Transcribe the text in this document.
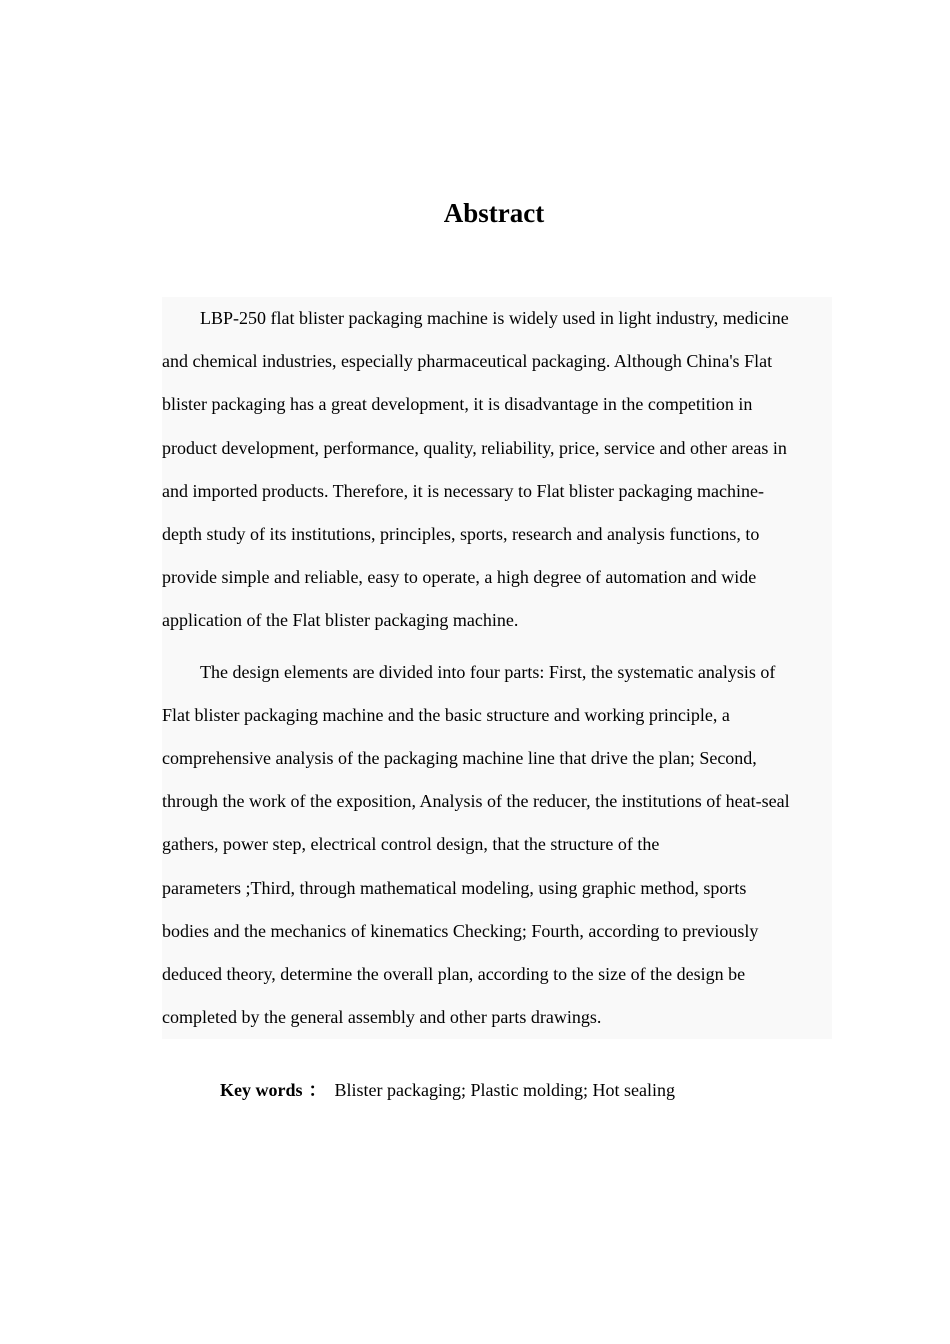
Abstract

LBP-250 flat blister packaging machine is widely used in light industry, medicine
and chemical industries, especially pharmaceutical packaging. Although China's Flat
blister packaging has a great development, it is disadvantage in the competition in
product development, performance, quality, reliability, price, service and other areas in
and imported products. Therefore, it is necessary to Flat blister packaging machine-
depth study of its institutions, principles, sports, research and analysis functions, to
provide simple and reliable, easy to operate, a high degree of automation and wide
application of the Flat blister packaging machine.

The design elements are divided into four parts: First, the systematic analysis of
Flat blister packaging machine and the basic structure and working principle, a
comprehensive analysis of the packaging machine line that drive the plan; Second,
through the work of the exposition, Analysis of the reducer, the institutions of heat-seal
gathers, power step, electrical control design, that the structure of the
parameters ;Third, through mathematical modeling, using graphic method, sports
bodies and the mechanics of kinematics Checking; Fourth, according to previously
deduced theory, determine the overall plan, according to the size of the design be
completed by the general assembly and other parts drawings.

Key words ： Blister packaging; Plastic molding; Hot sealing
